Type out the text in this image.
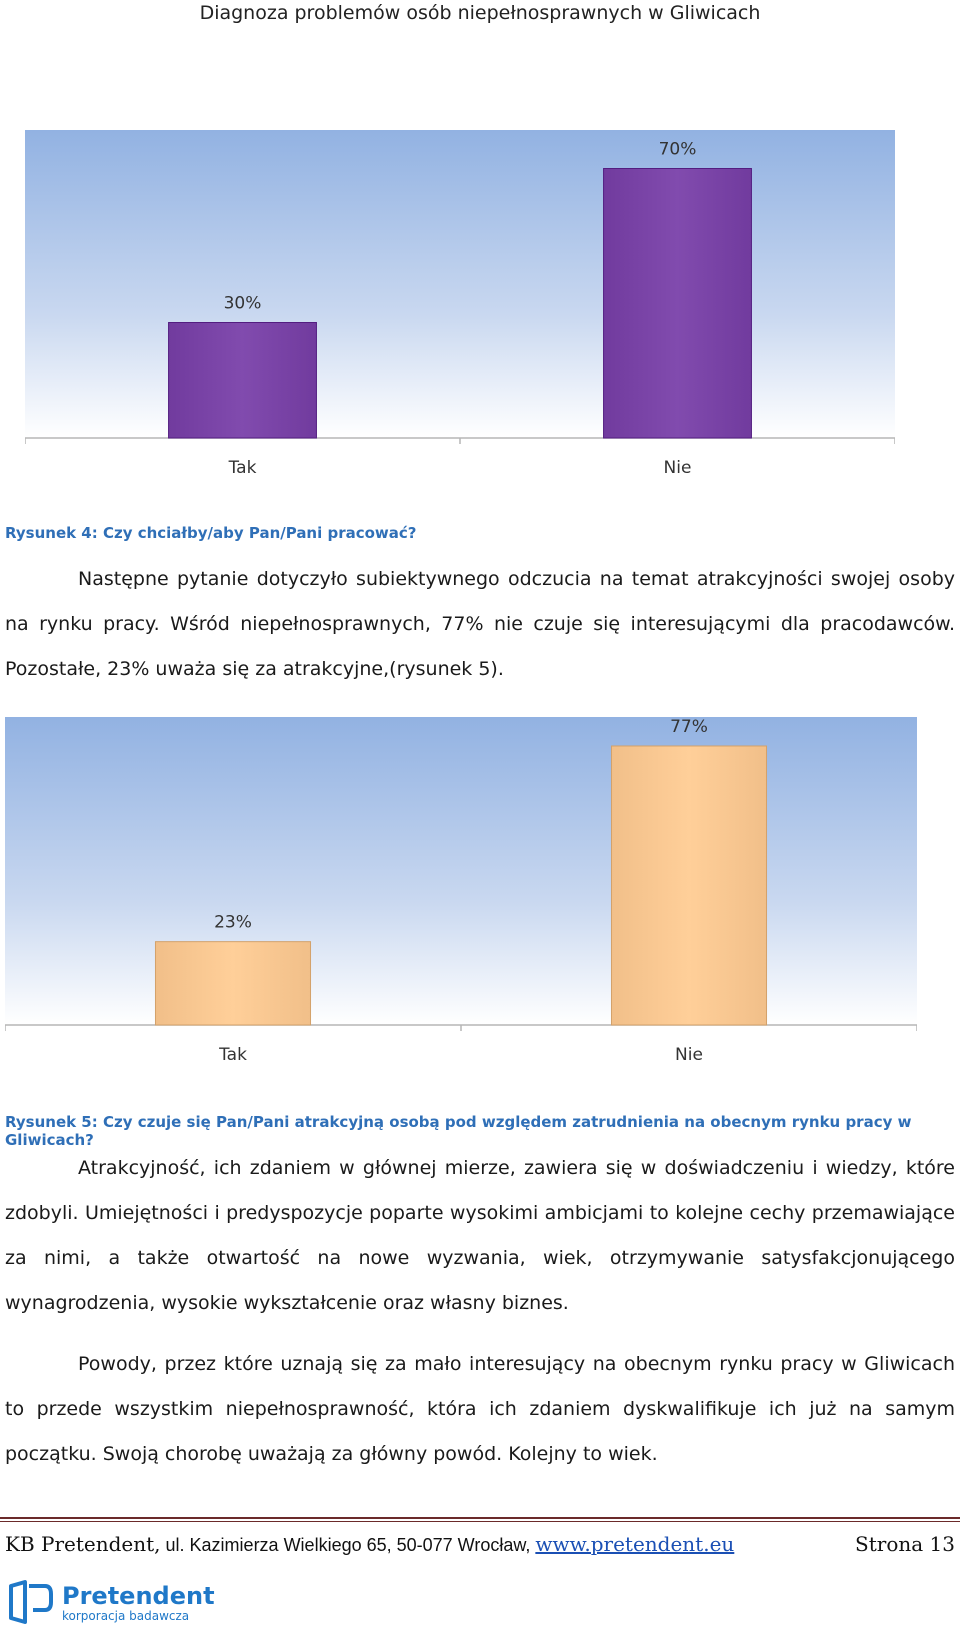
Diagnoza problemów osób niepełnosprawnych w Gliwicach
30%
Tak
70%
Nie
Rysunek 4: Czy chciałby/aby Pan/Pani pracować?

Następne pytanie dotyczyło subiektywnego odczucia na temat atrakcyjności swojej osoby na rynku pracy. Wśród niepełnosprawnych, 77% nie czuje się interesującymi dla pracodawców. Pozostałe, 23% uważa się za atrakcyjne,(rysunek 5).

23%
Tak
77%
Nie
Rysunek 5: Czy czuje się Pan/Pani atrakcyjną osobą pod względem zatrudnienia na obecnym rynku pracy w Gliwicach?

Atrakcyjność, ich zdaniem w głównej mierze, zawiera się w doświadczeniu i wiedzy, które zdobyli. Umiejętności i predyspozycje poparte wysokimi ambicjami to kolejne cechy przemawiające za nimi, a także otwartość na nowe wyzwania, wiek, otrzymywanie satysfakcjonującego wynagrodzenia, wysokie wykształcenie oraz własny biznes.

Powody, przez które uznają się za mało interesujący na obecnym rynku pracy w Gliwicach to przede wszystkim niepełnosprawność, która ich zdaniem dyskwalifikuje ich już na samym początku. Swoją chorobę uważają za główny powód. Kolejny to wiek.

KB Pretendent, ul. Kazimierza Wielkiego 65, 50-077 Wrocław, www.pretendent.eu	Strona 13
Pretendent
korporacja badawcza
